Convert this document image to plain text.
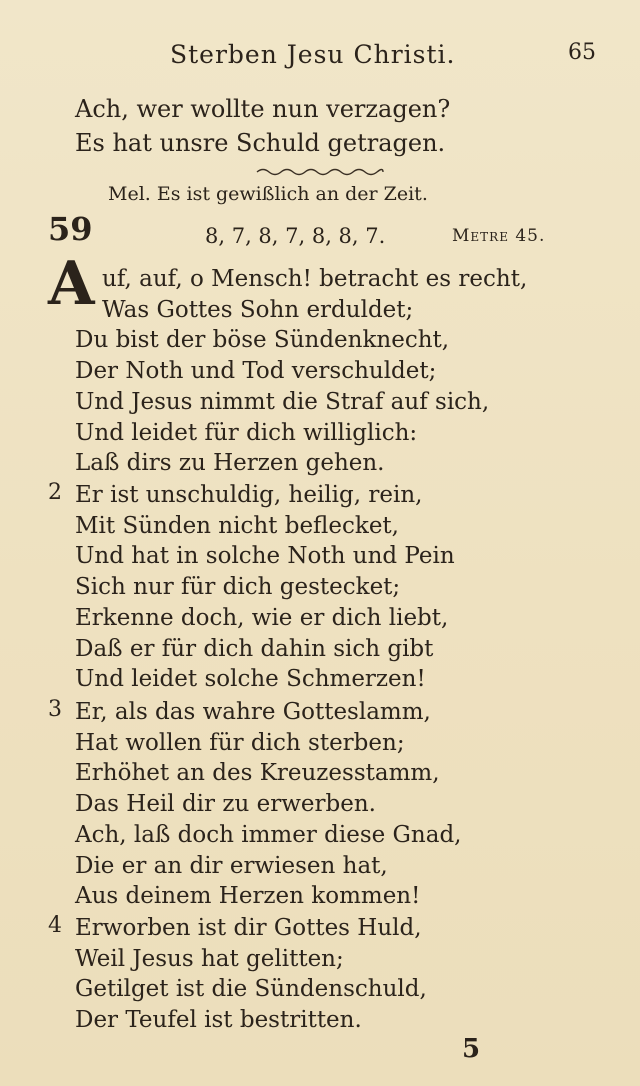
Sterben Jesu Christi.	65
Ach, wer wollte nun verzagen?
Es hat unsre Schuld getragen.
Mel. Es ist gewißlich an der Zeit.
59	8, 7, 8, 7, 8, 8, 7.	Metre 45.
A uf, auf, o Mensch! betracht es recht,
Was Gottes Sohn erduldet;
Du bist der böse Sündenknecht,
Der Noth und Tod verschuldet;
Und Jesus nimmt die Straf auf sich,
Und leidet für dich williglich:
Laß dirs zu Herzen gehen.
2 Er ist unschuldig, heilig, rein,
Mit Sünden nicht beflecket,
Und hat in solche Noth und Pein
Sich nur für dich gestecket;
Erkenne doch, wie er dich liebt,
Daß er für dich dahin sich gibt
Und leidet solche Schmerzen!
3 Er, als das wahre Gotteslamm,
Hat wollen für dich sterben;
Erhöhet an des Kreuzesstamm,
Das Heil dir zu erwerben.
Ach, laß doch immer diese Gnad,
Die er an dir erwiesen hat,
Aus deinem Herzen kommen!
4 Erworben ist dir Gottes Huld,
Weil Jesus hat gelitten;
Getilget ist die Sündenschuld,
Der Teufel ist bestritten.
5
